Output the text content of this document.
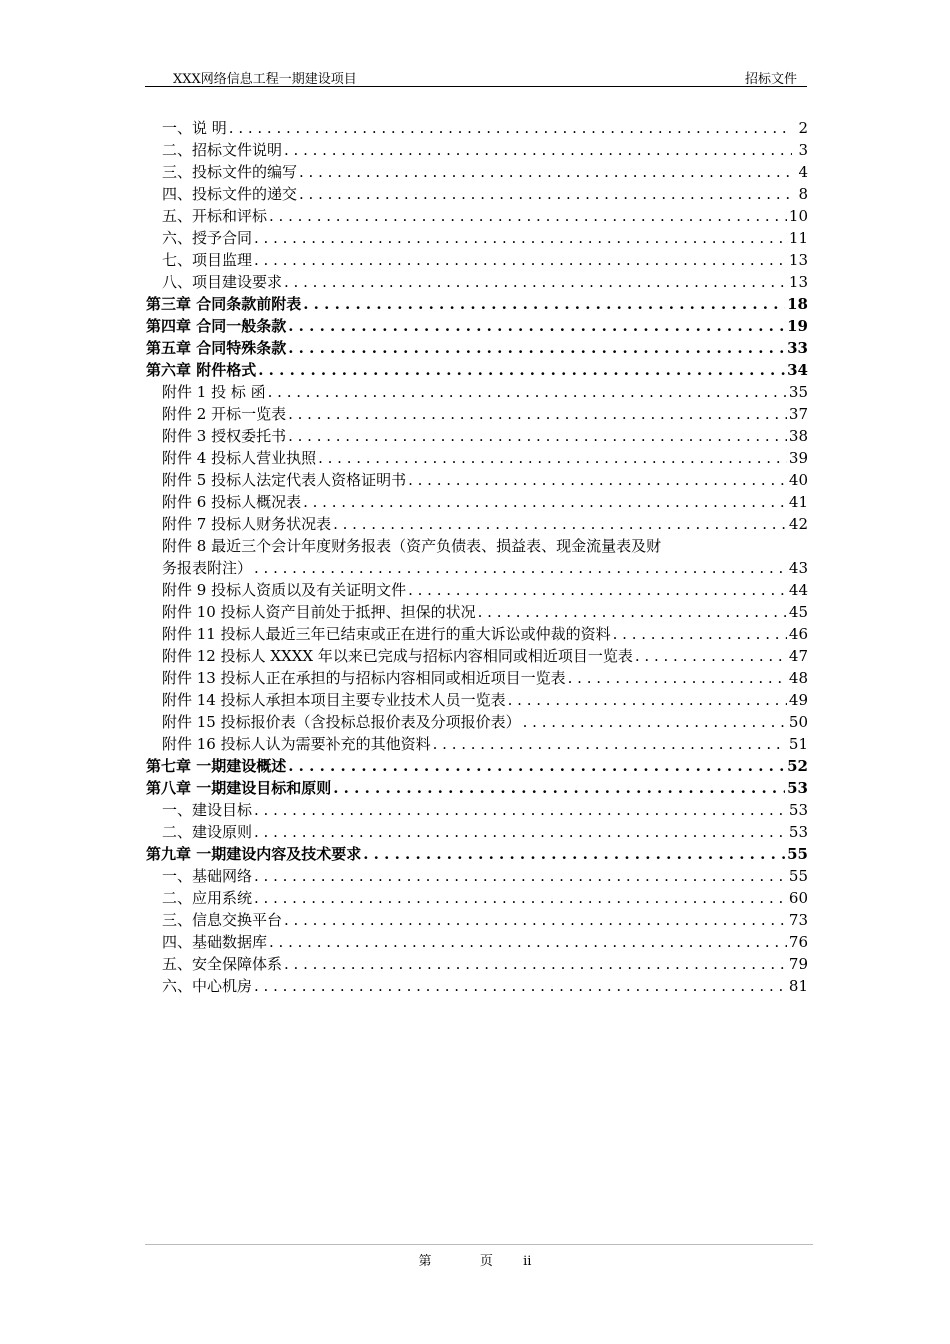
XXX网络信息工程一期建设项目	招标文件
一、说 明 . . .	2
二、招标文件说明 . . .	3
三、投标文件的编写 . . .	4
四、投标文件的递交 . . .	8
五、开标和评标 . . .	10
六、授予合同 . . .	11
七、项目监理 . . .	13
八、项目建设要求 . . .	13
第三章 合同条款前附表 . . .	18
第四章 合同一般条款 . . .	19
第五章 合同特殊条款 . . .	33
第六章 附件格式 . . .	34
附件 1 投 标 函 . . .	35
附件 2 开标一览表 . . .	37
附件 3 授权委托书 . . .	38
附件 4 投标人营业执照 . . .	39
附件 5 投标人法定代表人资格证明书 . . .	40
附件 6 投标人概况表 . . .	41
附件 7 投标人财务状况表 . . .	42
附件 8 最近三个会计年度财务报表（资产负债表、损益表、现金流量表及财
务报表附注） . . .	43
附件 9 投标人资质以及有关证明文件 . . .	44
附件 10 投标人资产目前处于抵押、担保的状况 . . .	45
附件 11 投标人最近三年已结束或正在进行的重大诉讼或仲裁的资料 . . .	46
附件 12 投标人 XXXX 年以来已完成与招标内容相同或相近项目一览表 . . .	47
附件 13 投标人正在承担的与招标内容相同或相近项目一览表 . . .	48
附件 14 投标人承担本项目主要专业技术人员一览表 . . .	49
附件 15 投标报价表（含投标总报价表及分项报价表） . . .	50
附件 16 投标人认为需要补充的其他资料 . . .	51
第七章 一期建设概述 . . .	52
第八章 一期建设目标和原则 . . .	53
一、建设目标 . . .	53
二、建设原则 . . .	53
第九章 一期建设内容及技术要求 . . .	55
一、基础网络 . . .	55
二、应用系统 . . .	60
三、信息交换平台 . . .	73
四、基础数据库 . . .	76
五、安全保障体系 . . .	79
六、中心机房 . . .	81
第	页 ii
